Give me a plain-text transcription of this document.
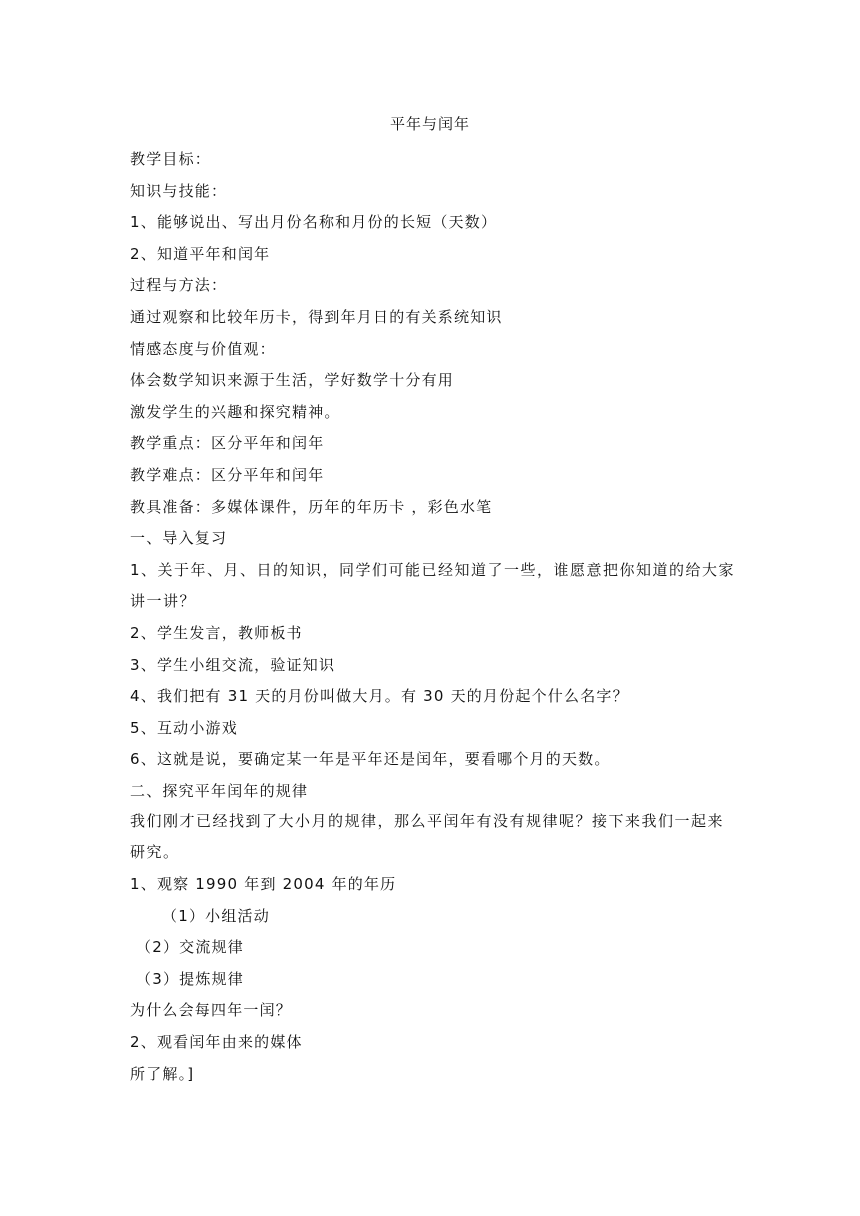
平年与闰年
教学目标：
知识与技能：
1、能够说出、写出月份名称和月份的长短（天数）
2、知道平年和闰年
过程与方法：
通过观察和比较年历卡，得到年月日的有关系统知识
情感态度与价值观：
体会数学知识来源于生活，学好数学十分有用
激发学生的兴趣和探究精神。
教学重点：区分平年和闰年
教学难点：区分平年和闰年
教具准备：多媒体课件，历年的年历卡 ，彩色水笔
一、导入复习
1、关于年、月、日的知识，同学们可能已经知道了一些，谁愿意把你知道的给大家讲一讲？
2、学生发言，教师板书
3、学生小组交流，验证知识
4、我们把有 31 天的月份叫做大月。有 30 天的月份起个什么名字？
5、互动小游戏
6、这就是说，要确定某一年是平年还是闰年，要看哪个月的天数。
二、探究平年闰年的规律
我们刚才已经找到了大小月的规律，那么平闰年有没有规律呢？接下来我们一起来研究。
1、观察 1990 年到 2004 年的年历
（1）小组活动
（2）交流规律
（3）提炼规律
为什么会每四年一闰？
2、观看闰年由来的媒体
所了解。]
